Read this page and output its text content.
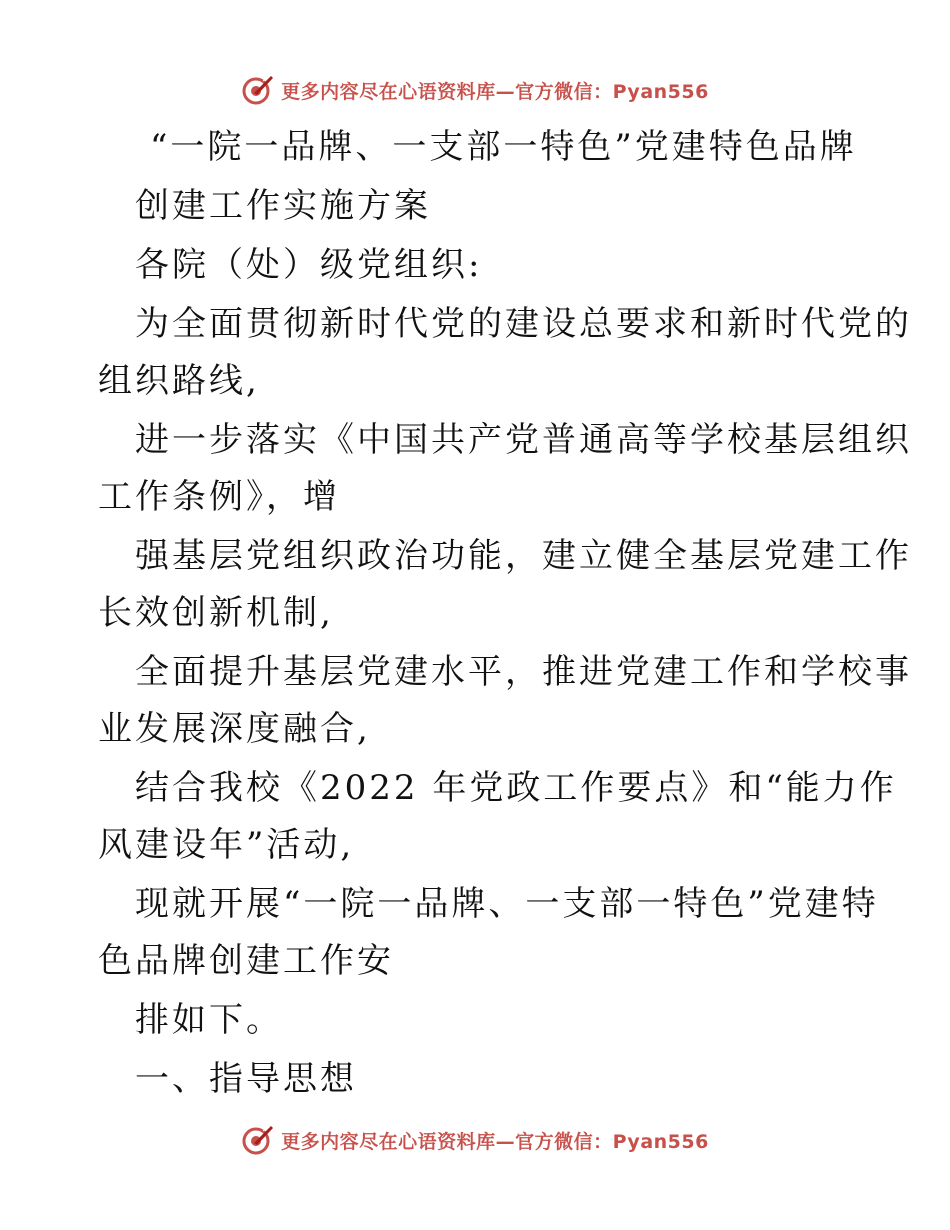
更多内容尽在心语资料库—官方微信：Pyan556
“一院一品牌、一支部一特色”党建特色品牌
创建工作实施方案
各院（处）级党组织:
为全面贯彻新时代党的建设总要求和新时代党的
组织路线,
进一步落实《中国共产党普通高等学校基层组织
工作条例》，增
强基层党组织政治功能，建立健全基层党建工作
长效创新机制,
全面提升基层党建水平，推进党建工作和学校事
业发展深度融合,
结合我校《2022 年党政工作要点》和“能力作
风建设年”活动,
现就开展“一院一品牌、一支部一特色”党建特
色品牌创建工作安
排如下。
一、指导思想
更多内容尽在心语资料库—官方微信：Pyan556
